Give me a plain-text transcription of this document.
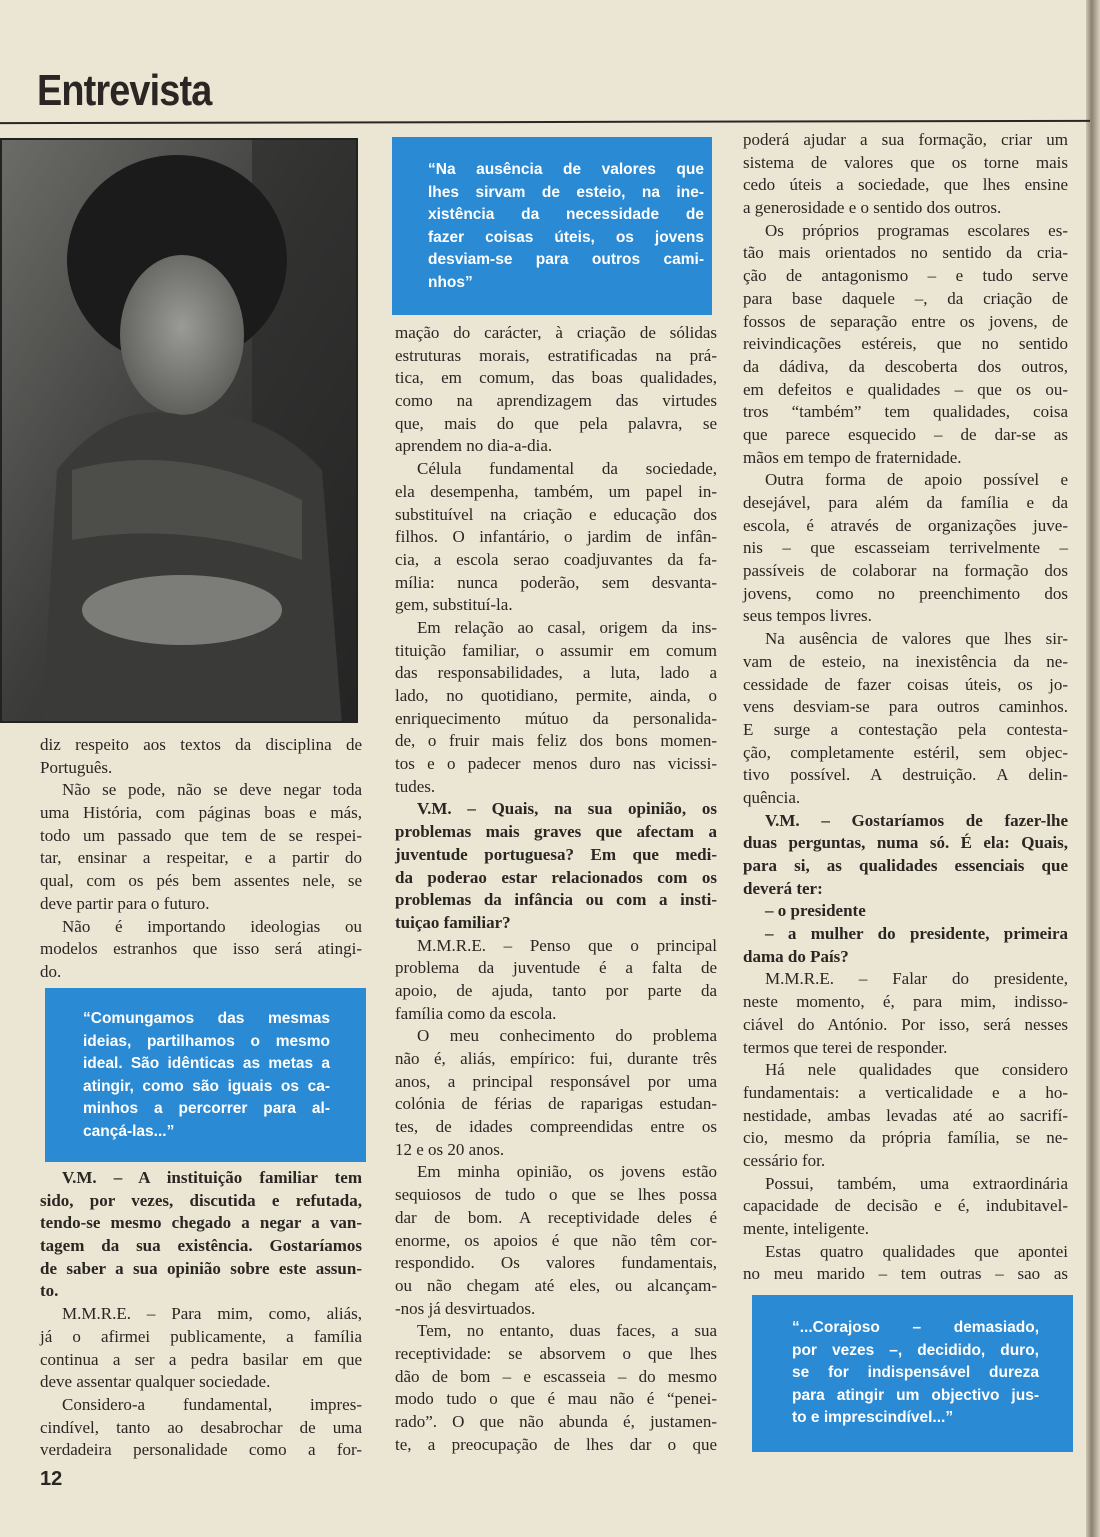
Entrevista
diz respeito aos textos da disciplina de
Português.
Não se pode, não se deve negar toda
uma História, com páginas boas e más,
todo um passado que tem de se respei-
tar, ensinar a respeitar, e a partir do
qual, com os pés bem assentes nele, se
deve partir para o futuro.
Não é importando ideologias ou
modelos estranhos que isso será atingi-
do.
“Comungamos das mesmas
ideias, partilhamos o mesmo
ideal. São idênticas as metas a
atingir, como são iguais os ca-
minhos a percorrer para al-
cançá-las...”
V.M. – A instituição familiar tem
sido, por vezes, discutida e refutada,
tendo-se mesmo chegado a negar a van-
tagem da sua existência. Gostaríamos
de saber a sua opinião sobre este assun-
to.
M.M.R.E. – Para mim, como, aliás,
já o afirmei publicamente, a família
continua a ser a pedra basilar em que
deve assentar qualquer sociedade.
Considero-a fundamental, impres-
cindível, tanto ao desabrochar de uma
verdadeira personalidade como a for-
12
“Na ausência de valores que
lhes sirvam de esteio, na ine-
xistência da necessidade de
fazer coisas úteis, os jovens
desviam-se para outros cami-
nhos”
mação do carácter, à criação de sólidas
estruturas morais, estratificadas na prá-
tica, em comum, das boas qualidades,
como na aprendizagem das virtudes
que, mais do que pela palavra, se
aprendem no dia-a-dia.
Célula fundamental da sociedade,
ela desempenha, também, um papel in-
substituível na criação e educação dos
filhos. O infantário, o jardim de infân-
cia, a escola serao coadjuvantes da fa-
mília: nunca poderão, sem desvanta-
gem, substituí-la.
Em relação ao casal, origem da ins-
tituição familiar, o assumir em comum
das responsabilidades, a luta, lado a
lado, no quotidiano, permite, ainda, o
enriquecimento mútuo da personalida-
de, o fruir mais feliz dos bons momen-
tos e o padecer menos duro nas vicissi-
tudes.
V.M. – Quais, na sua opinião, os
problemas mais graves que afectam a
juventude portuguesa? Em que medi-
da poderao estar relacionados com os
problemas da infância ou com a insti-
tuiçao familiar?
M.M.R.E. – Penso que o principal
problema da juventude é a falta de
apoio, de ajuda, tanto por parte da
família como da escola.
O meu conhecimento do problema
não é, aliás, empírico: fui, durante três
anos, a principal responsável por uma
colónia de férias de raparigas estudan-
tes, de idades compreendidas entre os
12 e os 20 anos.
Em minha opinião, os jovens estão
sequiosos de tudo o que se lhes possa
dar de bom. A receptividade deles é
enorme, os apoios é que não têm cor-
respondido. Os valores fundamentais,
ou não chegam até eles, ou alcançam-
-nos já desvirtuados.
Tem, no entanto, duas faces, a sua
receptividade: se absorvem o que lhes
dão de bom – e escasseia – do mesmo
modo tudo o que é mau não é “penei-
rado”. O que não abunda é, justamen-
te, a preocupação de lhes dar o que
poderá ajudar a sua formação, criar um
sistema de valores que os torne mais
cedo úteis a sociedade, que lhes ensine
a generosidade e o sentido dos outros.
Os próprios programas escolares es-
tão mais orientados no sentido da cria-
ção de antagonismo – e tudo serve
para base daquele –, da criação de
fossos de separação entre os jovens, de
reivindicações estéreis, que no sentido
da dádiva, da descoberta dos outros,
em defeitos e qualidades – que os ou-
tros “também” tem qualidades, coisa
que parece esquecido – de dar-se as
mãos em tempo de fraternidade.
Outra forma de apoio possível e
desejável, para além da família e da
escola, é através de organizações juve-
nis – que escasseiam terrivelmente –
passíveis de colaborar na formação dos
jovens, como no preenchimento dos
seus tempos livres.
Na ausência de valores que lhes sir-
vam de esteio, na inexistência da ne-
cessidade de fazer coisas úteis, os jo-
vens desviam-se para outros caminhos.
E surge a contestação pela contesta-
ção, completamente estéril, sem objec-
tivo possível. A destruição. A delin-
quência.
V.M. – Gostaríamos de fazer-lhe
duas perguntas, numa só. É ela: Quais,
para si, as qualidades essenciais que
deverá ter:
– o presidente
– a mulher do presidente, primeira
dama do País?
M.M.R.E. – Falar do presidente,
neste momento, é, para mim, indisso-
ciável do António. Por isso, será nesses
termos que terei de responder.
Há nele qualidades que considero
fundamentais: a verticalidade e a ho-
nestidade, ambas levadas até ao sacrifí-
cio, mesmo da própria família, se ne-
cessário for.
Possui, também, uma extraordinária
capacidade de decisão e é, indubitavel-
mente, inteligente.
Estas quatro qualidades que apontei
no meu marido – tem outras – sao as
“...Corajoso – demasiado,
por vezes –, decidido, duro,
se for indispensável dureza
para atingir um objectivo jus-
to e imprescindível...”
